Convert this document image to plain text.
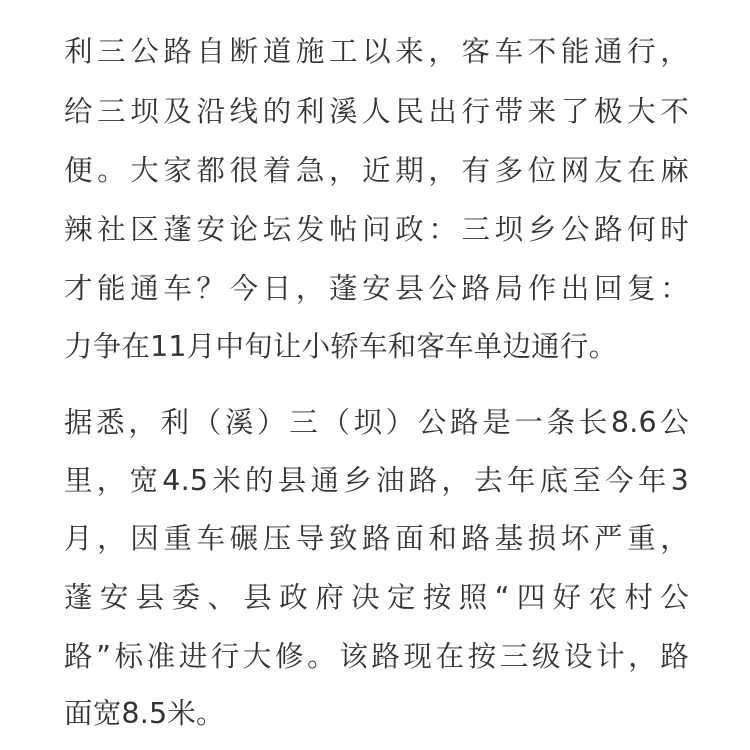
利三公路自断道施工以来，客车不能通行，
给三坝及沿线的利溪人民出行带来了极大不
便。大家都很着急，近期，有多位网友在麻
辣社区蓬安论坛发帖问政：三坝乡公路何时
才能通车？今日，蓬安县公路局作出回复：
力争在11月中旬让小轿车和客车单边通行。
据悉，利（溪）三（坝）公路是一条长8.6公
里，宽4.5米的县通乡油路，去年底至今年3
月，因重车碾压导致路面和路基损坏严重，
蓬安县委、县政府决定按照“四好农村公
路”标准进行大修。该路现在按三级设计，路
面宽8.5米。
